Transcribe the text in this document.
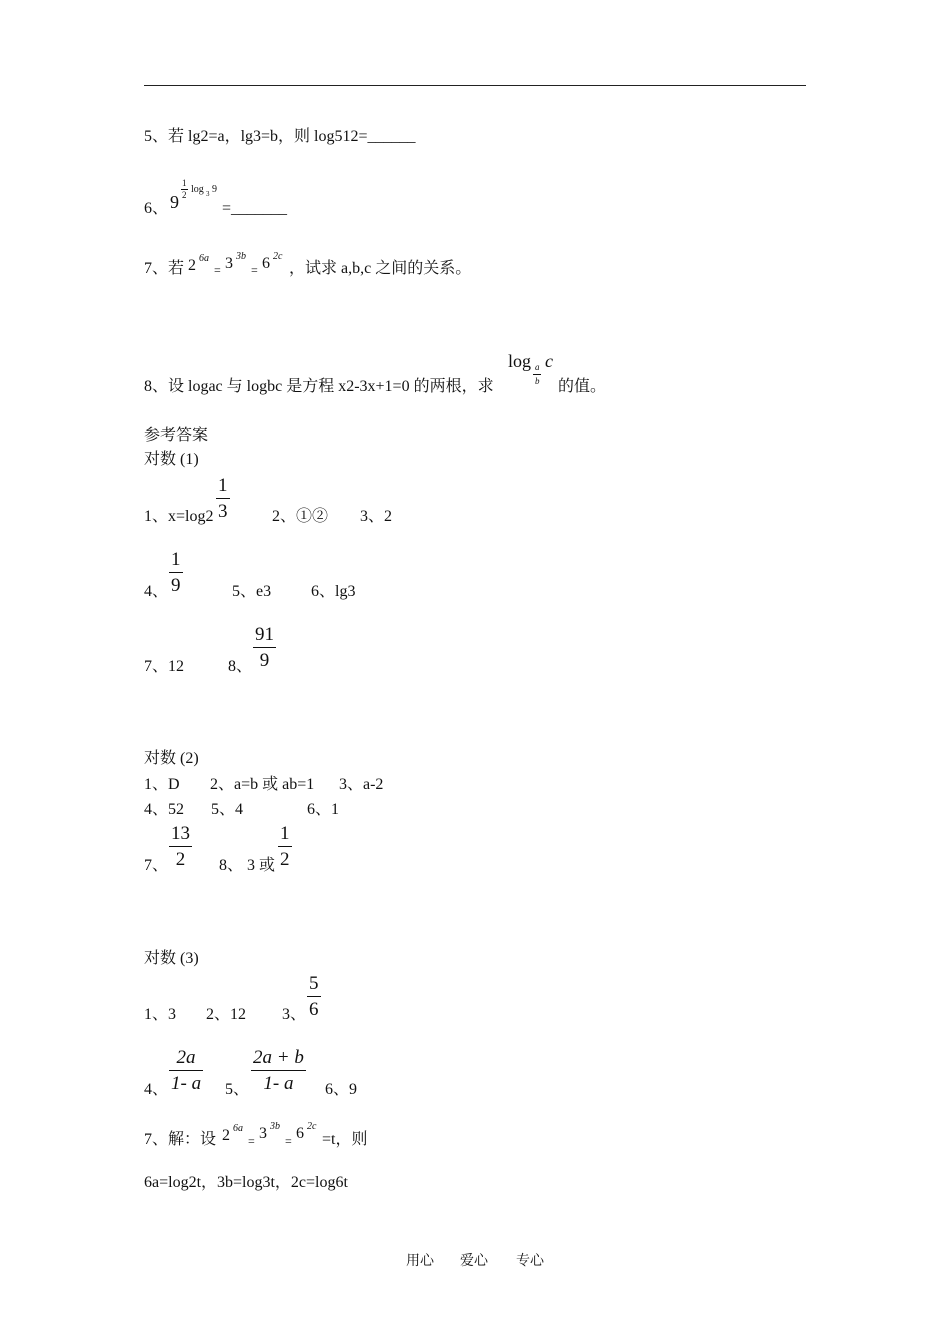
5、若 lg2=a，lg3=b，则 log512=______
6、 9
1
2 log 3 9
=_______
7、若 2 6a
= 3 3b
= 6 2c
，试求 a,b,c 之间的关系。
log a
b
c
8、设 logac 与 logbc 是方程 x2-3x+1=0 的两根，求	的值。
参考答案
对数 (1)
1、x=log2
1
3	2、①② 3、2
4、
1
9	5、e3 6、lg3
7、12	8、
91
9
对数 (2)
1、D 2、a=b 或 ab=1 3、a-2
4、52 5、4	6、1
7、
13
2 8、 3 或
1
2
对数 (3)
1、3 2、12 3、
5
6
4、
2a
1- a 5、
2a + b
1- a 6、9
7、解：设 2 6a
= 3 3b
= 6 2c
=t，则
6a=log2t，3b=log3t，2c=log6t
用心 爱心 专心
